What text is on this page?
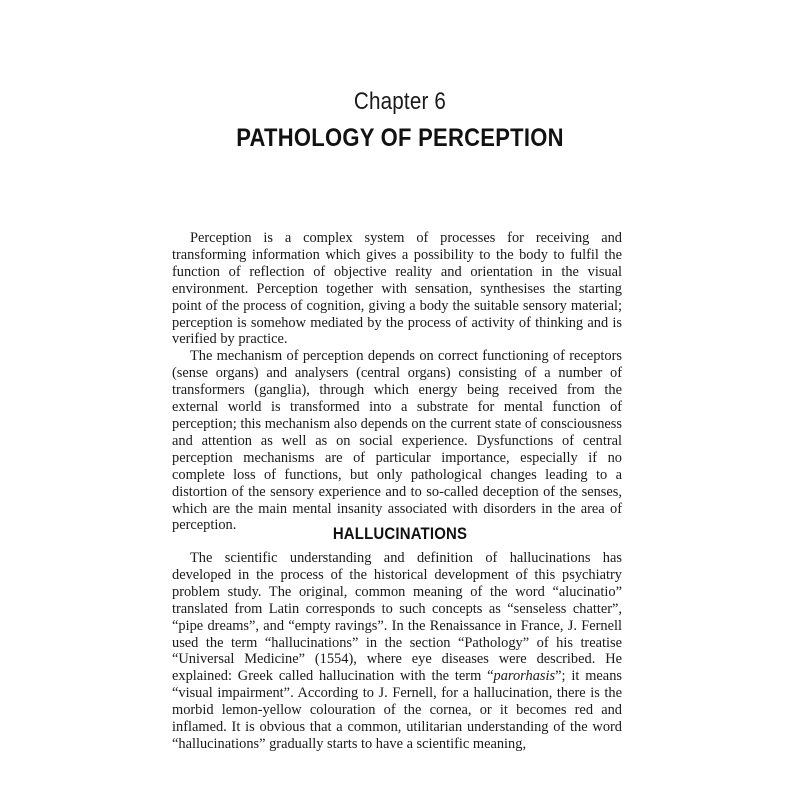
Chapter 6
PATHOLOGY OF PERCEPTION

Perception is a complex system of processes for receiving and transforming information which gives a possibility to the body to fulfil the function of reflection of objective reality and orientation in the visual environment. Perception together with sensation, synthesises the starting point of the process of cognition, giving a body the suitable sensory material; perception is somehow mediated by the process of activity of thinking and is verified by practice.

The mechanism of perception depends on correct functioning of receptors (sense organs) and analysers (central organs) consisting of a number of transformers (ganglia), through which energy being received from the external world is transformed into a substrate for mental function of perception; this mechanism also depends on the current state of consciousness and attention as well as on social experience. Dysfunctions of central perception mechanisms are of particular importance, especially if no complete loss of functions, but only pathological changes leading to a distortion of the sensory experience and to so-called deception of the senses, which are the main mental insanity associated with disorders in the area of perception.	HALLUCINATIONS

The scientific understanding and definition of hallucinations has developed in the process of the historical development of this psychiatry problem study. The original, common meaning of the word “alucinatio” translated from Latin corresponds to such concepts as “senseless chatter”, “pipe dreams”, and “empty ravings”. In the Renaissance in France, J. Fernell used the term “hallucinations” in the section “Pathology” of his treatise “Universal Medicine” (1554), where eye diseases were described. He explained: Greek called hallucination with the term “parorhasis”; it means “visual impairment”. According to J. Fernell, for a hallucination, there is the morbid lemon-yellow colouration of the cornea, or it becomes red and inflamed. It is obvious that a common, utilitarian understanding of the word “hallucinations” gradually starts to have a scientific meaning,
